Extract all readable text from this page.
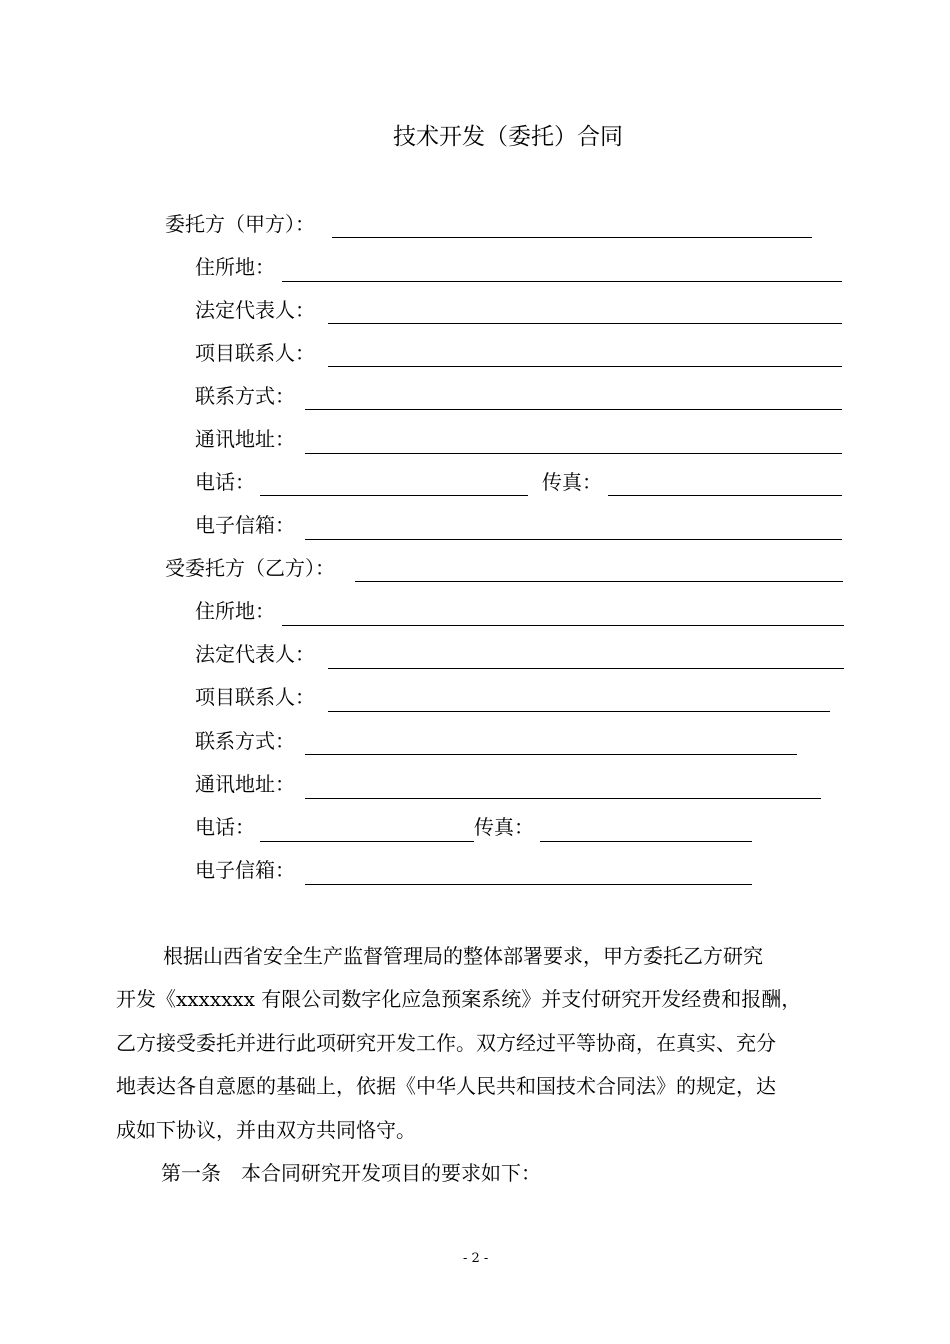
技术开发（委托）合同
委托方（甲方）：
住所地：
法定代表人：
项目联系人：
联系方式：
通讯地址：
电话：	传真：
电子信箱：
受委托方（乙方）：
住所地：
法定代表人：
项目联系人：
联系方式：
通讯地址：
电话：	传真：
电子信箱：
根据山西省安全生产监督管理局的整体部署要求，甲方委托乙方研究
开发《xxxxxxx 有限公司数字化应急预案系统》并支付研究开发经费和报酬，
乙方接受委托并进行此项研究开发工作。双方经过平等协商，在真实、充分
地表达各自意愿的基础上，依据《中华人民共和国技术合同法》的规定，达
成如下协议，并由双方共同恪守。
第一条　本合同研究开发项目的要求如下：
- 2 -
